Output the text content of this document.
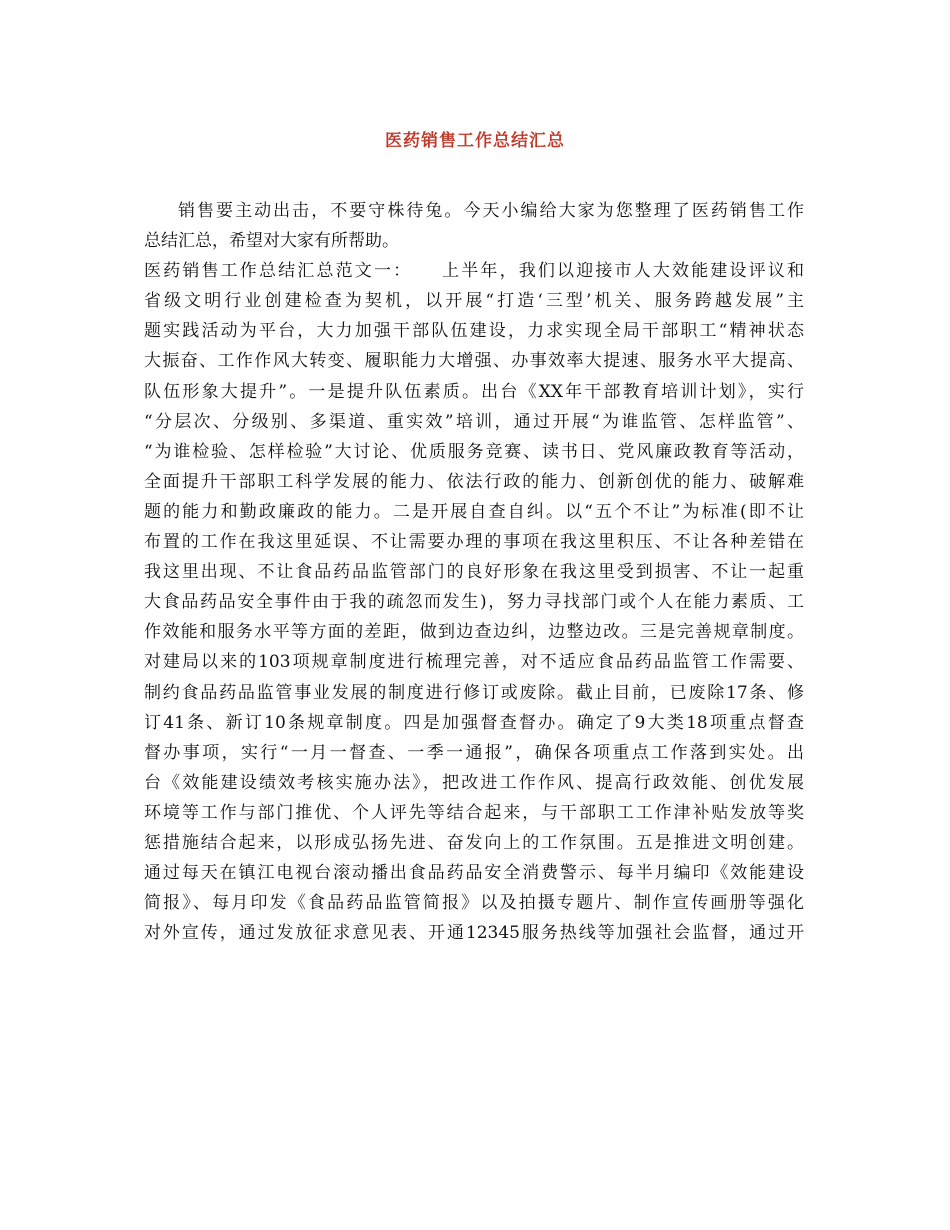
医药销售工作总结汇总
销售要主动出击，不要守株待兔。今天小编给大家为您整理了医药销售工作
总结汇总，希望对大家有所帮助。
医药销售工作总结汇总范文一：　　上半年，我们以迎接市人大效能建设评议和
省级文明行业创建检查为契机，以开展“打造‘三型’机关、服务跨越发展”主
题实践活动为平台，大力加强干部队伍建设，力求实现全局干部职工“精神状态
大振奋、工作作风大转变、履职能力大增强、办事效率大提速、服务水平大提高、
队伍形象大提升”。一是提升队伍素质。出台《XX年干部教育培训计划》，实行
“分层次、分级别、多渠道、重实效”培训，通过开展“为谁监管、怎样监管”、
“为谁检验、怎样检验”大讨论、优质服务竞赛、读书日、党风廉政教育等活动，
全面提升干部职工科学发展的能力、依法行政的能力、创新创优的能力、破解难
题的能力和勤政廉政的能力。二是开展自查自纠。以“五个不让”为标准(即不让
布置的工作在我这里延误、不让需要办理的事项在我这里积压、不让各种差错在
我这里出现、不让食品药品监管部门的良好形象在我这里受到损害、不让一起重
大食品药品安全事件由于我的疏忽而发生)，努力寻找部门或个人在能力素质、工
作效能和服务水平等方面的差距，做到边查边纠，边整边改。三是完善规章制度。
对建局以来的103项规章制度进行梳理完善，对不适应食品药品监管工作需要、
制约食品药品监管事业发展的制度进行修订或废除。截止目前，已废除17条、修
订41条、新订10条规章制度。四是加强督查督办。确定了9大类18项重点督查
督办事项，实行“一月一督查、一季一通报”，确保各项重点工作落到实处。出
台《效能建设绩效考核实施办法》，把改进工作作风、提高行政效能、创优发展
环境等工作与部门推优、个人评先等结合起来，与干部职工工作津补贴发放等奖
惩措施结合起来，以形成弘扬先进、奋发向上的工作氛围。五是推进文明创建。
通过每天在镇江电视台滚动播出食品药品安全消费警示、每半月编印《效能建设
简报》、每月印发《食品药品监管简报》以及拍摄专题片、制作宣传画册等强化
对外宣传，通过发放征求意见表、开通12345服务热线等加强社会监督，通过开
